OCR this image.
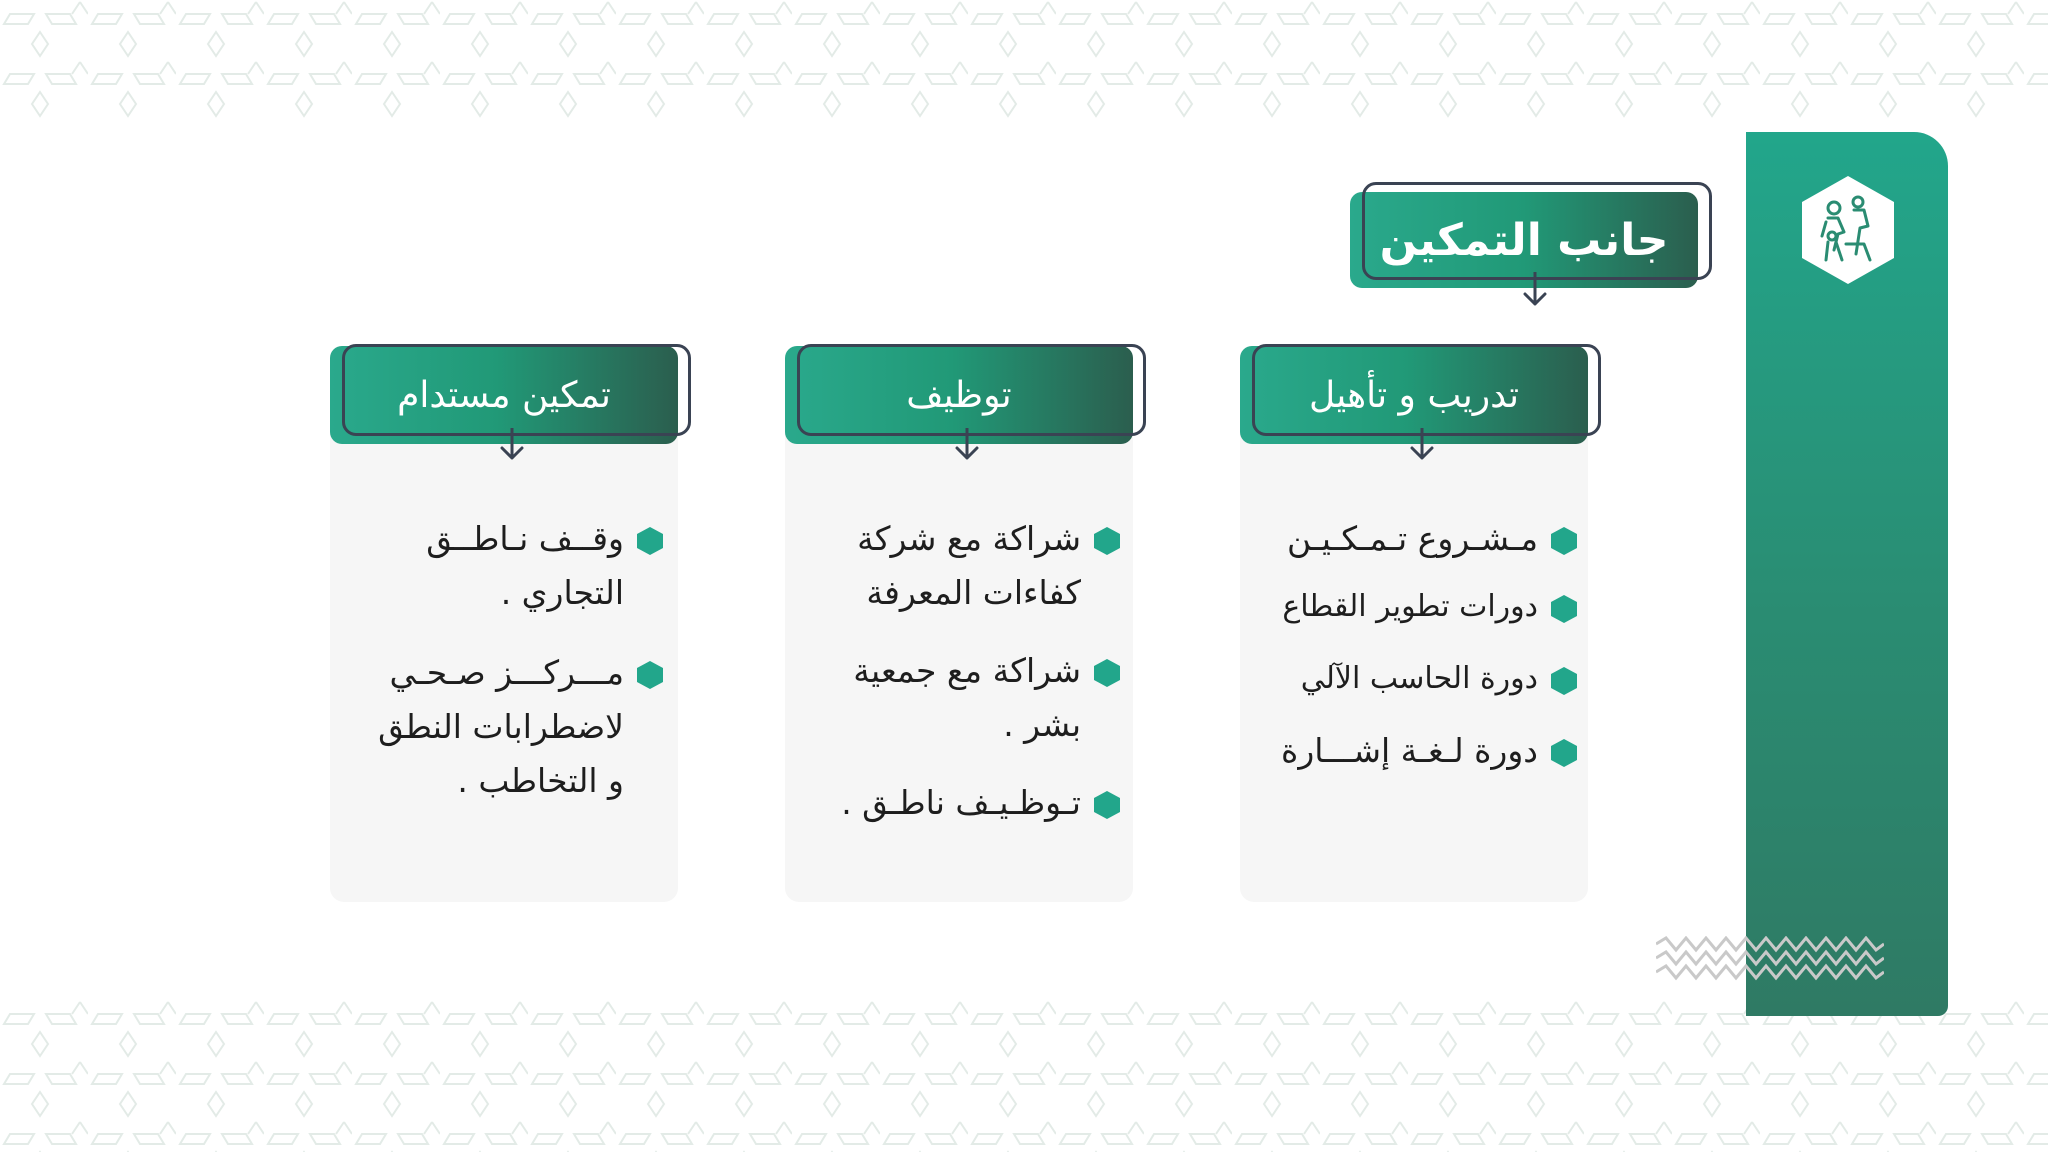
جانب التمكين
تدريب و تأهيل
مـشـروع تـمـكـيـن
دورات تطوير القطاع
دورة الحاسب الآلي
دورة لـغـة إشـــارة
توظيف
شراكة مع شركة كفاءات المعرفة
شراكة مع جمعية بشر .
تـوظـيـف ناطـق .
تمكين مستدام
وقــف نـاطــق التجاري .
مـــركـــز صـحـي لاضطرابات النطق و التخاطب .
